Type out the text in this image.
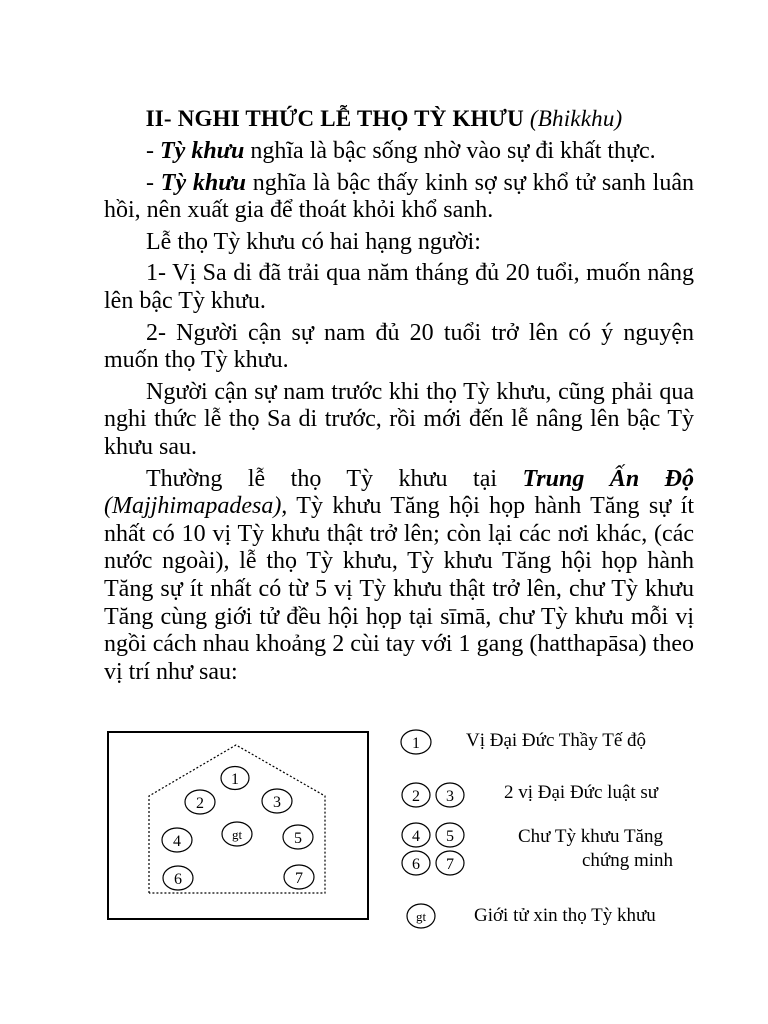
II- NGHI THỨC LỄ THỌ TỲ KHƯU (Bhikkhu)

- Tỳ khưu nghĩa là bậc sống nhờ vào sự đi khất thực.

- Tỳ khưu nghĩa là bậc thấy kinh sợ sự khổ tử sanh luân hồi, nên xuất gia để thoát khỏi khổ sanh.

Lễ thọ Tỳ khưu có hai hạng người:

1- Vị Sa di đã trải qua năm tháng đủ 20 tuổi, muốn nâng lên bậc Tỳ khưu.

2- Người cận sự nam đủ 20 tuổi trở lên có ý nguyện muốn thọ Tỳ khưu.

Người cận sự nam trước khi thọ Tỳ khưu, cũng phải qua nghi thức lễ thọ Sa di trước, rồi mới đến lễ nâng lên bậc Tỳ khưu sau.

Thường lễ thọ Tỳ khưu tại Trung Ấn Độ (Majjhimapadesa), Tỳ khưu Tăng hội họp hành Tăng sự ít nhất có 10 vị Tỳ khưu thật trở lên; còn lại các nơi khác, (các nước ngoài), lễ thọ Tỳ khưu, Tỳ khưu Tăng hội họp hành Tăng sự ít nhất có từ 5 vị Tỳ khưu thật trở lên, chư Tỳ khưu Tăng cùng giới tử đều hội họp tại sīmā, chư Tỳ khưu mỗi vị ngồi cách nhau khoảng 2 cùi tay với 1 gang (hatthapāsa) theo vị trí như sau:

1
2	3
4	gt	5
6	7
1
2 3
4 5
6 7
gt
Vị Đại Đức Thầy Tế độ
2 vị Đại Đức luật sư
Chư Tỳ khưu Tăng
chứng minh
Giới tử xin thọ Tỳ khưu
